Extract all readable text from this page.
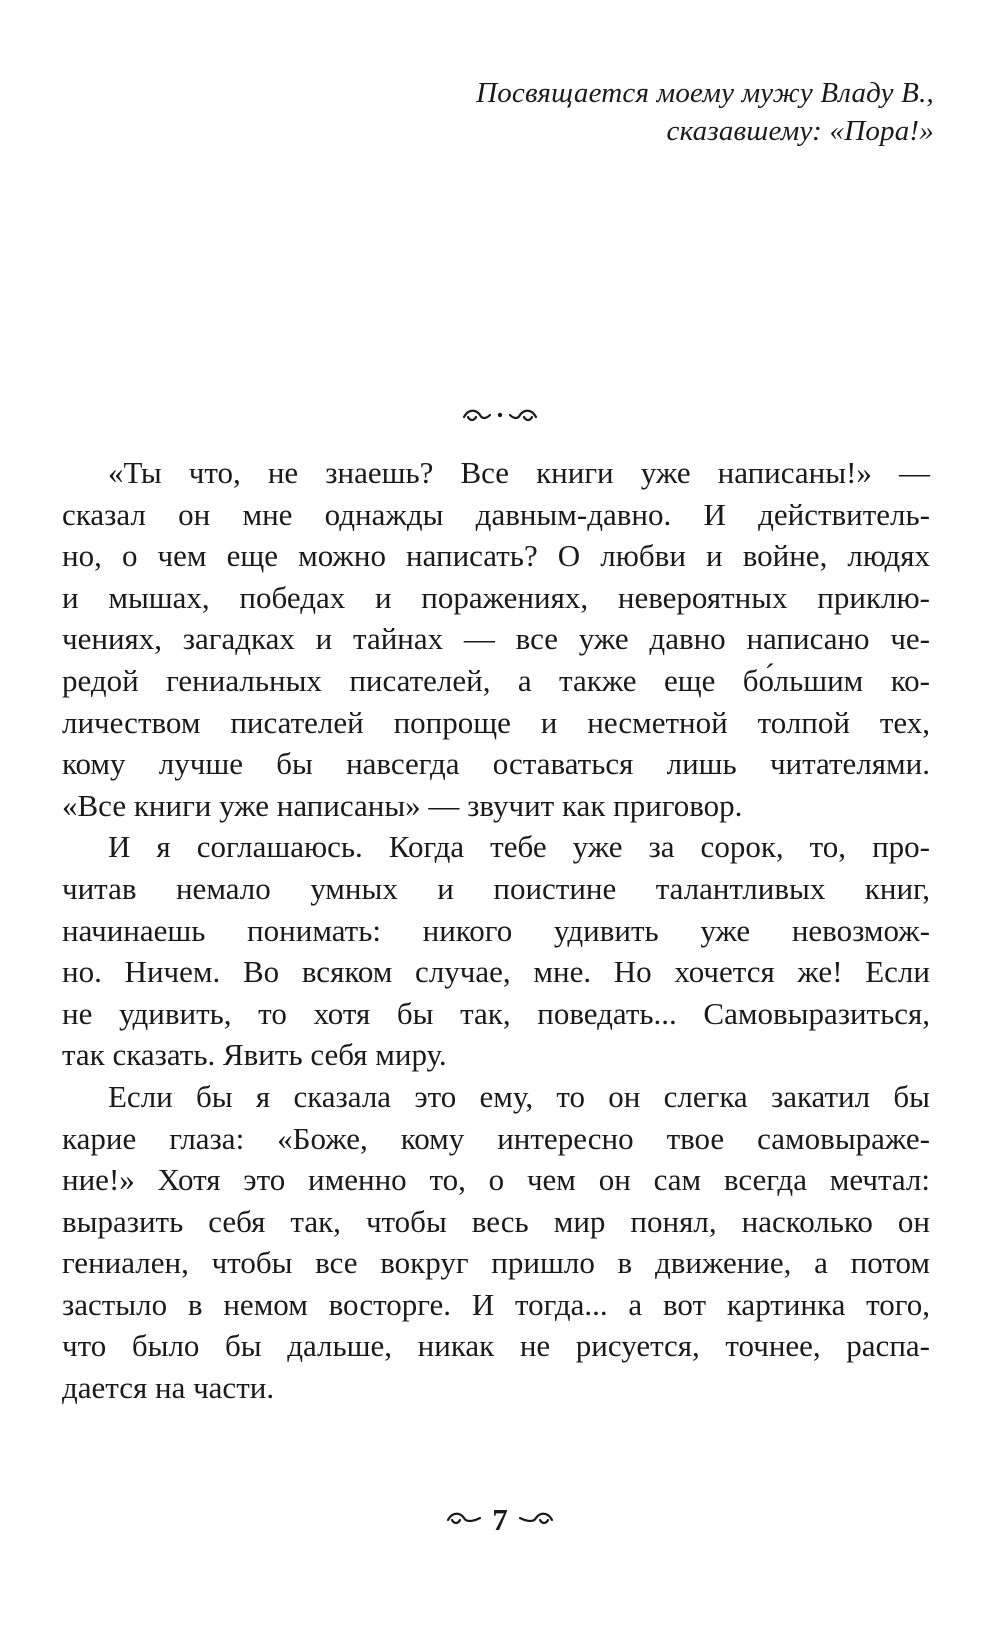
Посвящается моему мужу Владу В.,
сказавшему: «Пора!»
«Ты что, не знаешь? Все книги уже написаны!» —
сказал он мне однажды давным-давно. И действитель-
но, о чем еще можно написать? О любви и войне, людях
и мышах, победах и поражениях, невероятных приклю-
чениях, загадках и тайнах — все уже давно написано че-
редой гениальных писателей, а также еще бо́льшим ко-
личеством писателей попроще и несметной толпой тех,
кому лучше бы навсегда оставаться лишь читателями.
«Все книги уже написаны» — звучит как приговор.
И я соглашаюсь. Когда тебе уже за сорок, то, про-
читав немало умных и поистине талантливых книг,
начинаешь понимать: никого удивить уже невозмож-
но. Ничем. Во всяком случае, мне. Но хочется же! Если
не удивить, то хотя бы так, поведать... Самовыразиться,
так сказать. Явить себя миру.
Если бы я сказала это ему, то он слегка закатил бы
карие глаза: «Боже, кому интересно твое самовыраже-
ние!» Хотя это именно то, о чем он сам всегда мечтал:
выразить себя так, чтобы весь мир понял, насколько он
гениален, чтобы все вокруг пришло в движение, а потом
застыло в немом восторге. И тогда... а вот картинка того,
что было бы дальше, никак не рисуется, точнее, распа-
дается на части.
7
